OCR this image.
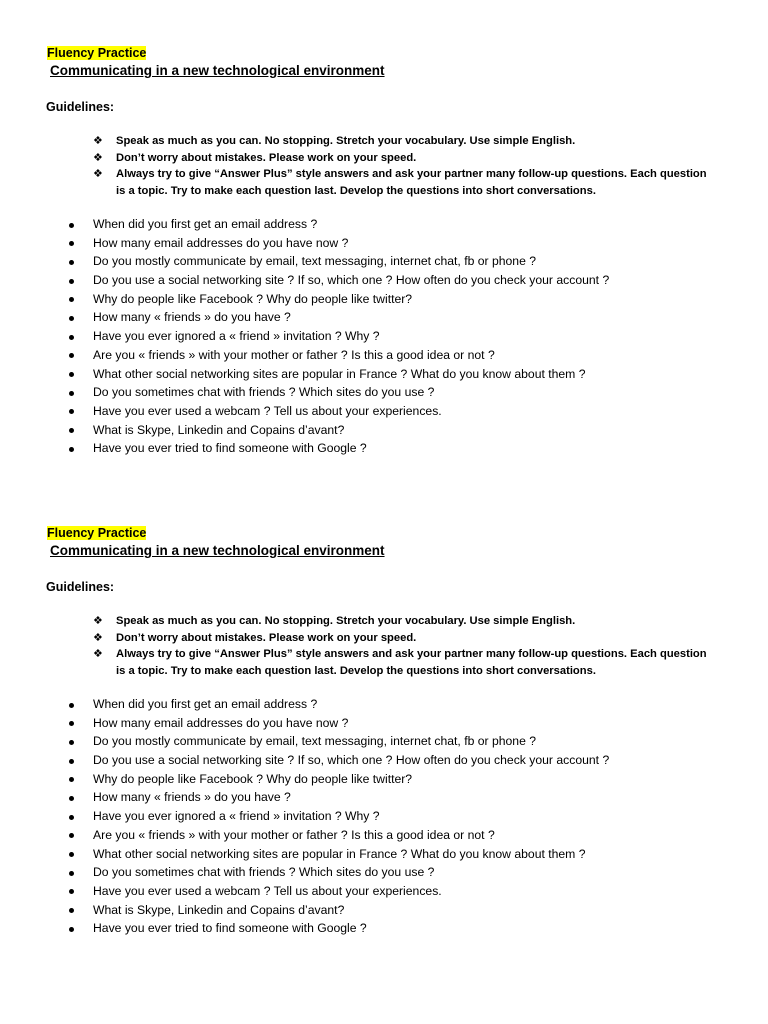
Fluency Practice
Communicating in a new technological environment
Guidelines:
❖ Speak as much as you can. No stopping. Stretch your vocabulary. Use simple English.
❖ Don’t worry about mistakes. Please work on your speed.
❖ Always try to give “Answer Plus” style answers and ask your partner many follow-up questions. Each question is a topic. Try to make each question last. Develop the questions into short conversations.
When did you first get an email address ?
How many email addresses do you have now ?
Do you mostly communicate by email, text messaging, internet chat, fb or phone ?
Do you use a social networking site ? If so, which one ? How often do you check your account ?
Why do people like Facebook ? Why do people like twitter?
How many « friends » do you have ?
Have you ever ignored a « friend » invitation ? Why ?
Are you « friends » with your mother or father ? Is this a good idea or not ?
What other social networking sites are popular in France ? What do you know about them ?
Do you sometimes chat with friends ? Which sites do you use ?
Have you ever used a webcam ? Tell us about your experiences.
What is Skype, Linkedin and Copains d’avant?
Have you ever tried to find someone with Google ?
Fluency Practice
Communicating in a new technological environment
Guidelines:
❖ Speak as much as you can. No stopping. Stretch your vocabulary. Use simple English.
❖ Don’t worry about mistakes. Please work on your speed.
❖ Always try to give “Answer Plus” style answers and ask your partner many follow-up questions. Each question is a topic. Try to make each question last. Develop the questions into short conversations.
When did you first get an email address ?
How many email addresses do you have now ?
Do you mostly communicate by email, text messaging, internet chat, fb or phone ?
Do you use a social networking site ? If so, which one ? How often do you check your account ?
Why do people like Facebook ? Why do people like twitter?
How many « friends » do you have ?
Have you ever ignored a « friend » invitation ? Why ?
Are you « friends » with your mother or father ? Is this a good idea or not ?
What other social networking sites are popular in France ? What do you know about them ?
Do you sometimes chat with friends ? Which sites do you use ?
Have you ever used a webcam ? Tell us about your experiences.
What is Skype, Linkedin and Copains d’avant?
Have you ever tried to find someone with Google ?
